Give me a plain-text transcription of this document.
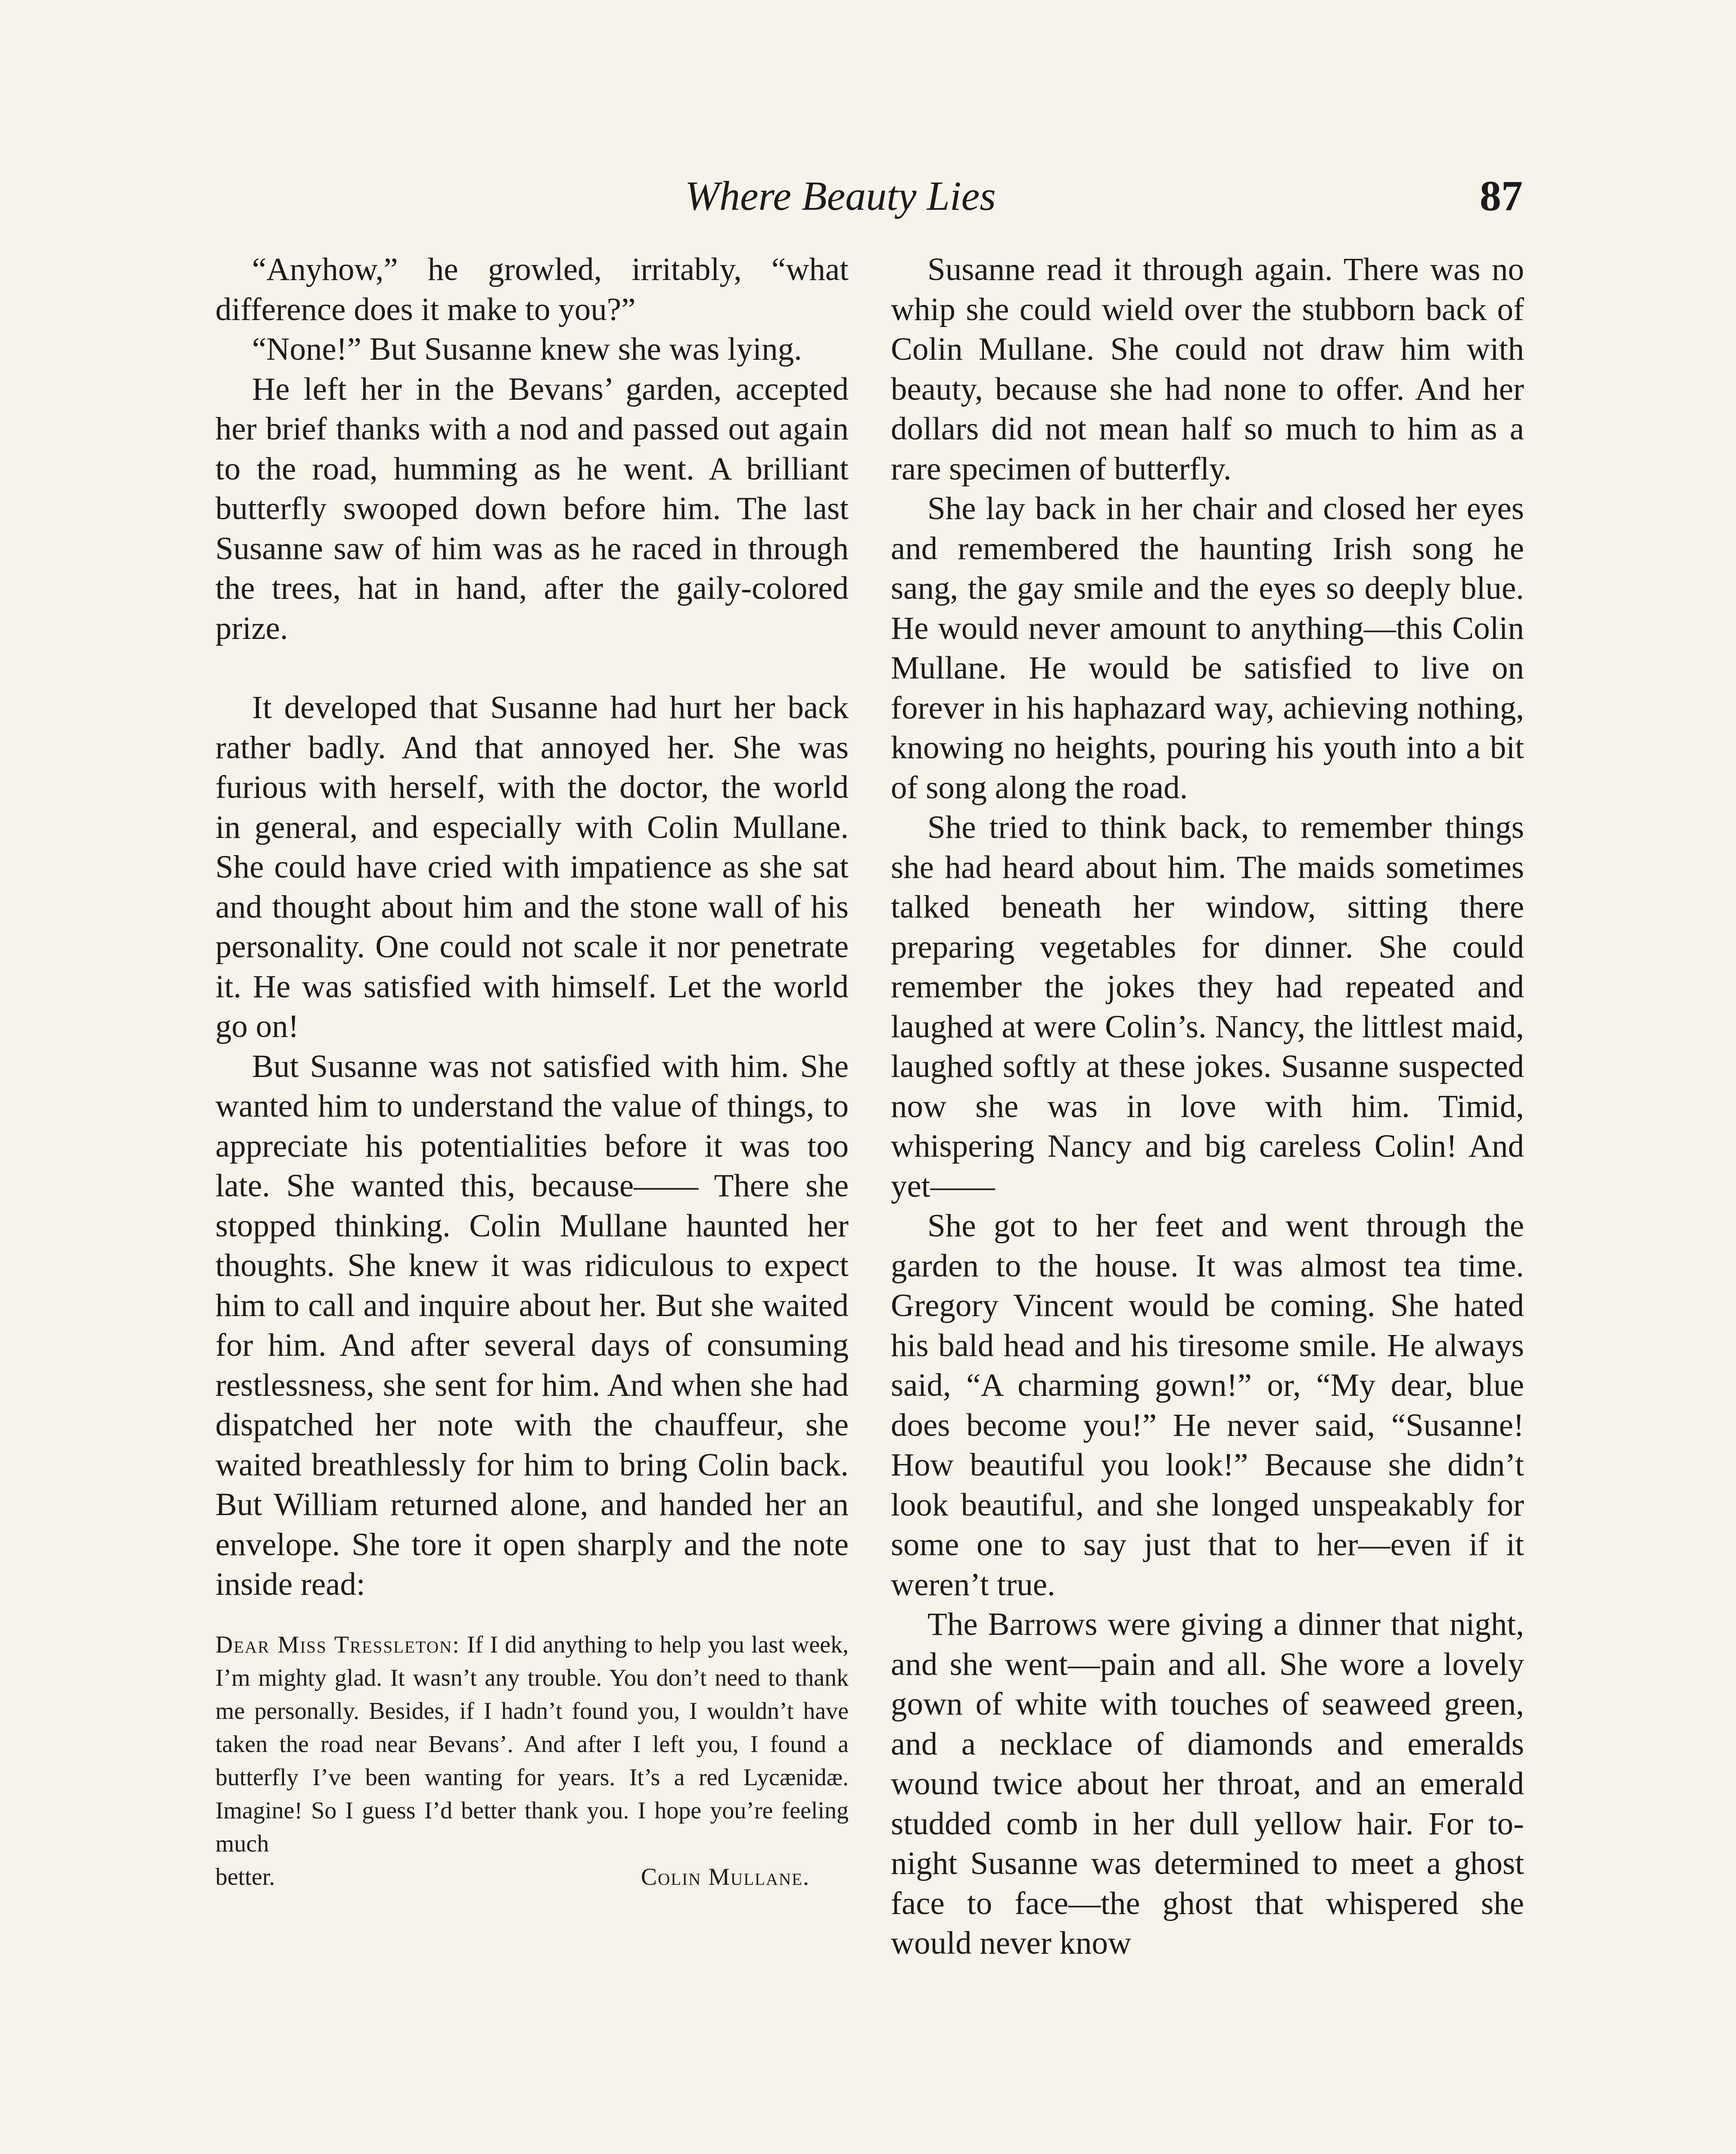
Where Beauty Lies	87

“Anyhow,” he growled, irritably, “what difference does it make to you?”

“None!” But Susanne knew she was lying.

He left her in the Bevans’ garden, accepted her brief thanks with a nod and passed out again to the road, humming as he went. A brilliant butterfly swooped down before him. The last Susanne saw of him was as he raced in through the trees, hat in hand, after the gaily-colored prize.

It developed that Susanne had hurt her back rather badly. And that annoyed her. She was furious with herself, with the doctor, the world in general, and especially with Colin Mullane. She could have cried with impatience as she sat and thought about him and the stone wall of his personality. One could not scale it nor penetrate it. He was satisfied with himself. Let the world go on!

But Susanne was not satisfied with him. She wanted him to understand the value of things, to appreciate his potentialities before it was too late. She wanted this, because—— There she stopped thinking. Colin Mullane haunted her thoughts. She knew it was ridiculous to expect him to call and inquire about her. But she waited for him. And after several days of consuming restlessness, she sent for him. And when she had dispatched her note with the chauffeur, she waited breathlessly for him to bring Colin back. But William returned alone, and handed her an envelope. She tore it open sharply and the note inside read:

Dear Miss Tressleton: If I did anything to help you last week, I’m mighty glad. It wasn’t any trouble. You don’t need to thank me personally. Besides, if I hadn’t found you, I wouldn’t have taken the road near Bevans’. And after I left you, I found a butterfly I’ve been wanting for years. It’s a red Lycænidæ. Imagine! So I guess I’d better thank you. I hope you’re feeling much
better.	Colin Mullane.

Susanne read it through again. There was no whip she could wield over the stubborn back of Colin Mullane. She could not draw him with beauty, because she had none to offer. And her dollars did not mean half so much to him as a rare specimen of butterfly.

She lay back in her chair and closed her eyes and remembered the haunting Irish song he sang, the gay smile and the eyes so deeply blue. He would never amount to anything—this Colin Mullane. He would be satisfied to live on forever in his haphazard way, achieving nothing, knowing no heights, pouring his youth into a bit of song along the road.

She tried to think back, to remember things she had heard about him. The maids sometimes talked beneath her window, sitting there preparing vegetables for dinner. She could remember the jokes they had repeated and laughed at were Colin’s. Nancy, the littlest maid, laughed softly at these jokes. Susanne suspected now she was in love with him. Timid, whispering Nancy and big careless Colin! And yet——

She got to her feet and went through the garden to the house. It was almost tea time. Gregory Vincent would be coming. She hated his bald head and his tiresome smile. He always said, “A charming gown!” or, “My dear, blue does become you!” He never said, “Susanne! How beautiful you look!” Because she didn’t look beautiful, and she longed unspeakably for some one to say just that to her—even if it weren’t true.

The Barrows were giving a dinner that night, and she went—pain and all. She wore a lovely gown of white with touches of seaweed green, and a necklace of diamonds and emeralds wound twice about her throat, and an emerald studded comb in her dull yellow hair. For to-night Susanne was determined to meet a ghost face to face—the ghost that whispered she would never know
